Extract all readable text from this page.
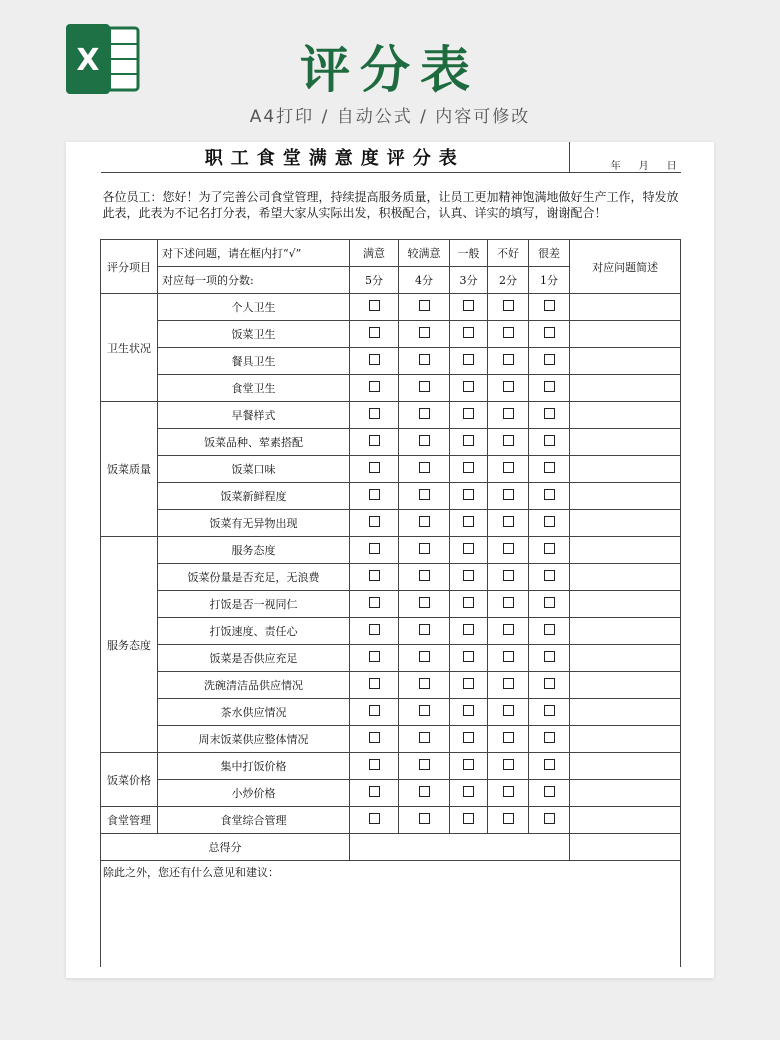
X	评分表
A4打印 / 自动公式 / 内容可修改
职工食堂满意度评分表							年 月 日
各位员工：您好！为了完善公司食堂管理，持续提高服务质量，让员工更加精神饱满地做好生产工作，特发放此表，此表为不记名打分表，希望大家从实际出发，积极配合，认真、详实的填写，谢谢配合！							
评分项目	对下述问题，请在框内打“√”	满意	较满意	一般	不好	很差	对应问题简述
	对应每一项的分数:	5分	4分	3分	2分	1分	
卫生状况	个人卫生						
	饭菜卫生						
	餐具卫生						
	食堂卫生						
饭菜质量	早餐样式						
	饭菜品种、荤素搭配						
	饭菜口味						
	饭菜新鲜程度						
	饭菜有无异物出现						
服务态度	服务态度						
	饭菜份量是否充足，无浪费						
	打饭是否一视同仁						
	打饭速度、责任心						
	饭菜是否供应充足						
	洗碗清洁品供应情况						
	茶水供应情况						
	周末饭菜供应整体情况						
饭菜价格	集中打饭价格						
	小炒价格						
食堂管理	食堂综合管理						
总得分							
除此之外，您还有什么意见和建议：							
